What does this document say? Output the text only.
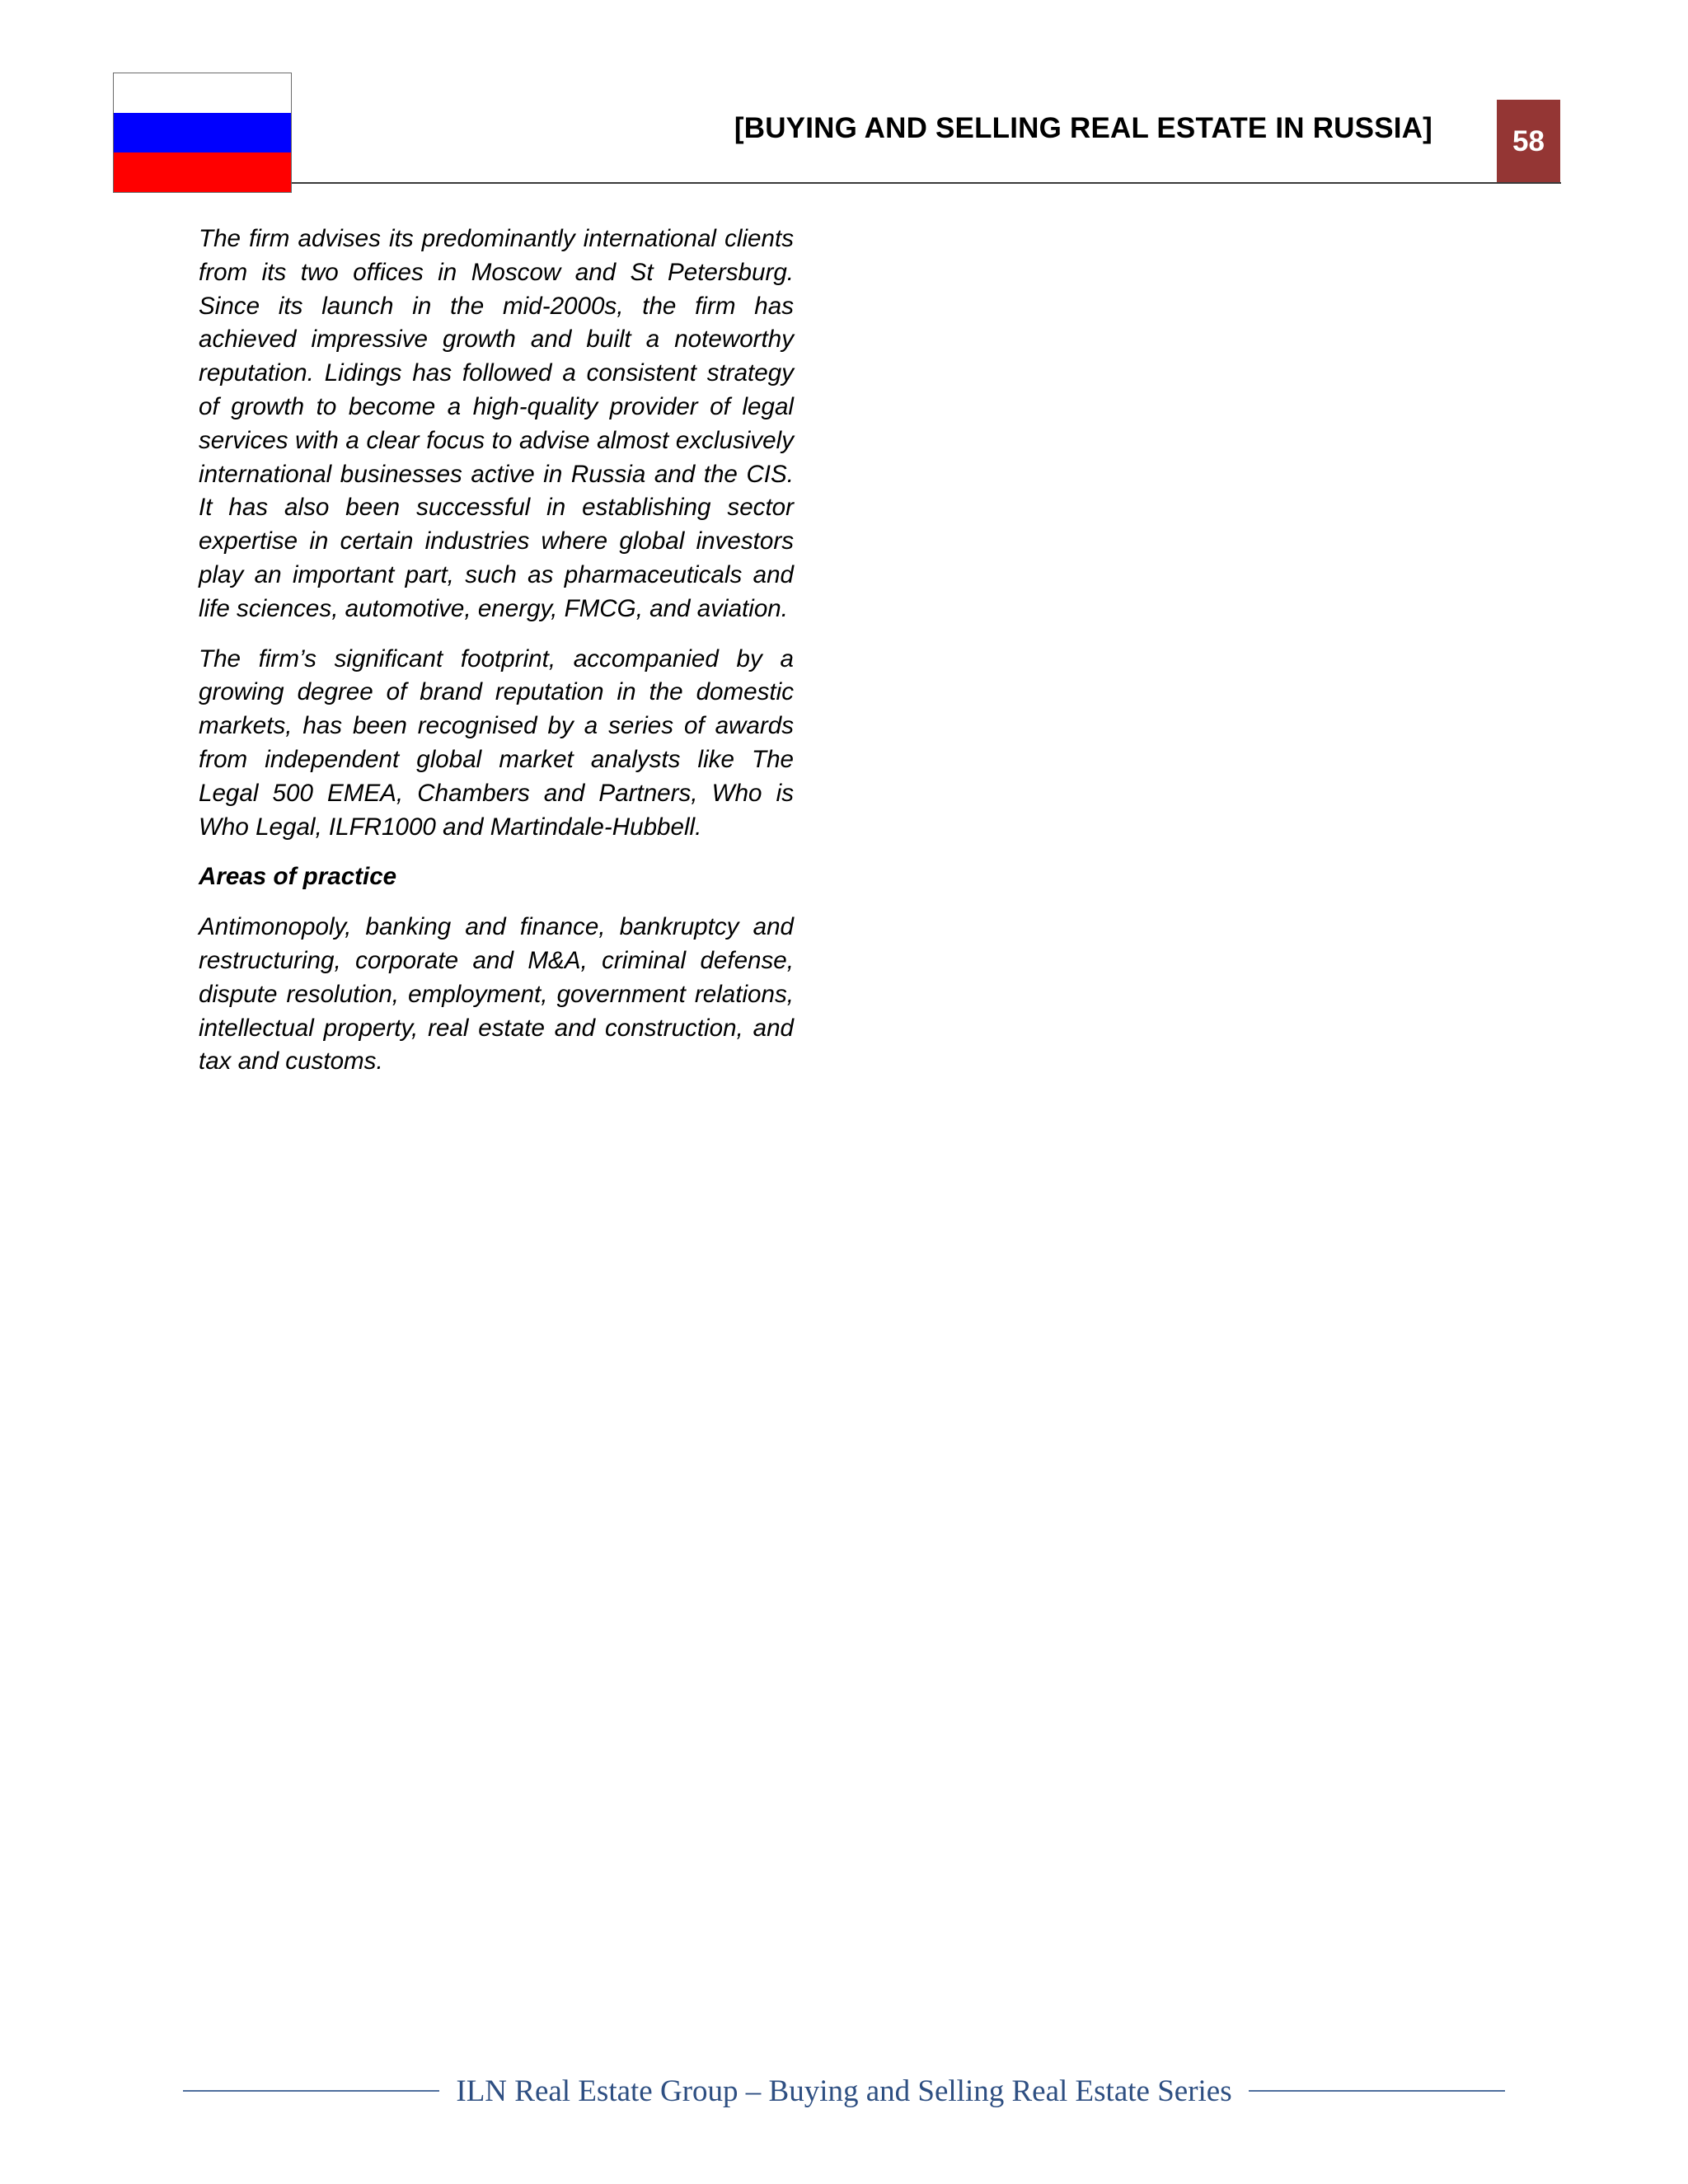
[BUYING AND SELLING REAL ESTATE IN RUSSIA]	58

The firm advises its predominantly international clients from its two offices in Moscow and St Petersburg. Since its launch in the mid-2000s, the firm has achieved impressive growth and built a noteworthy reputation. Lidings has followed a consistent strategy of growth to become a high-quality provider of legal services with a clear focus to advise almost exclusively international businesses active in Russia and the CIS. It has also been successful in establishing sector expertise in certain industries where global investors play an important part, such as pharmaceuticals and life sciences, automotive, energy, FMCG, and aviation.

The firm’s significant footprint, accompanied by a growing degree of brand reputation in the domestic markets, has been recognised by a series of awards from independent global market analysts like The Legal 500 EMEA, Chambers and Partners, Who is Who Legal, ILFR1000 and Martindale-Hubbell.

Areas of practice

Antimonopoly, banking and finance, bankruptcy and restructuring, corporate and M&A, criminal defense, dispute resolution, employment, government relations, intellectual property, real estate and construction, and tax and customs.

ILN Real Estate Group – Buying and Selling Real Estate Series
